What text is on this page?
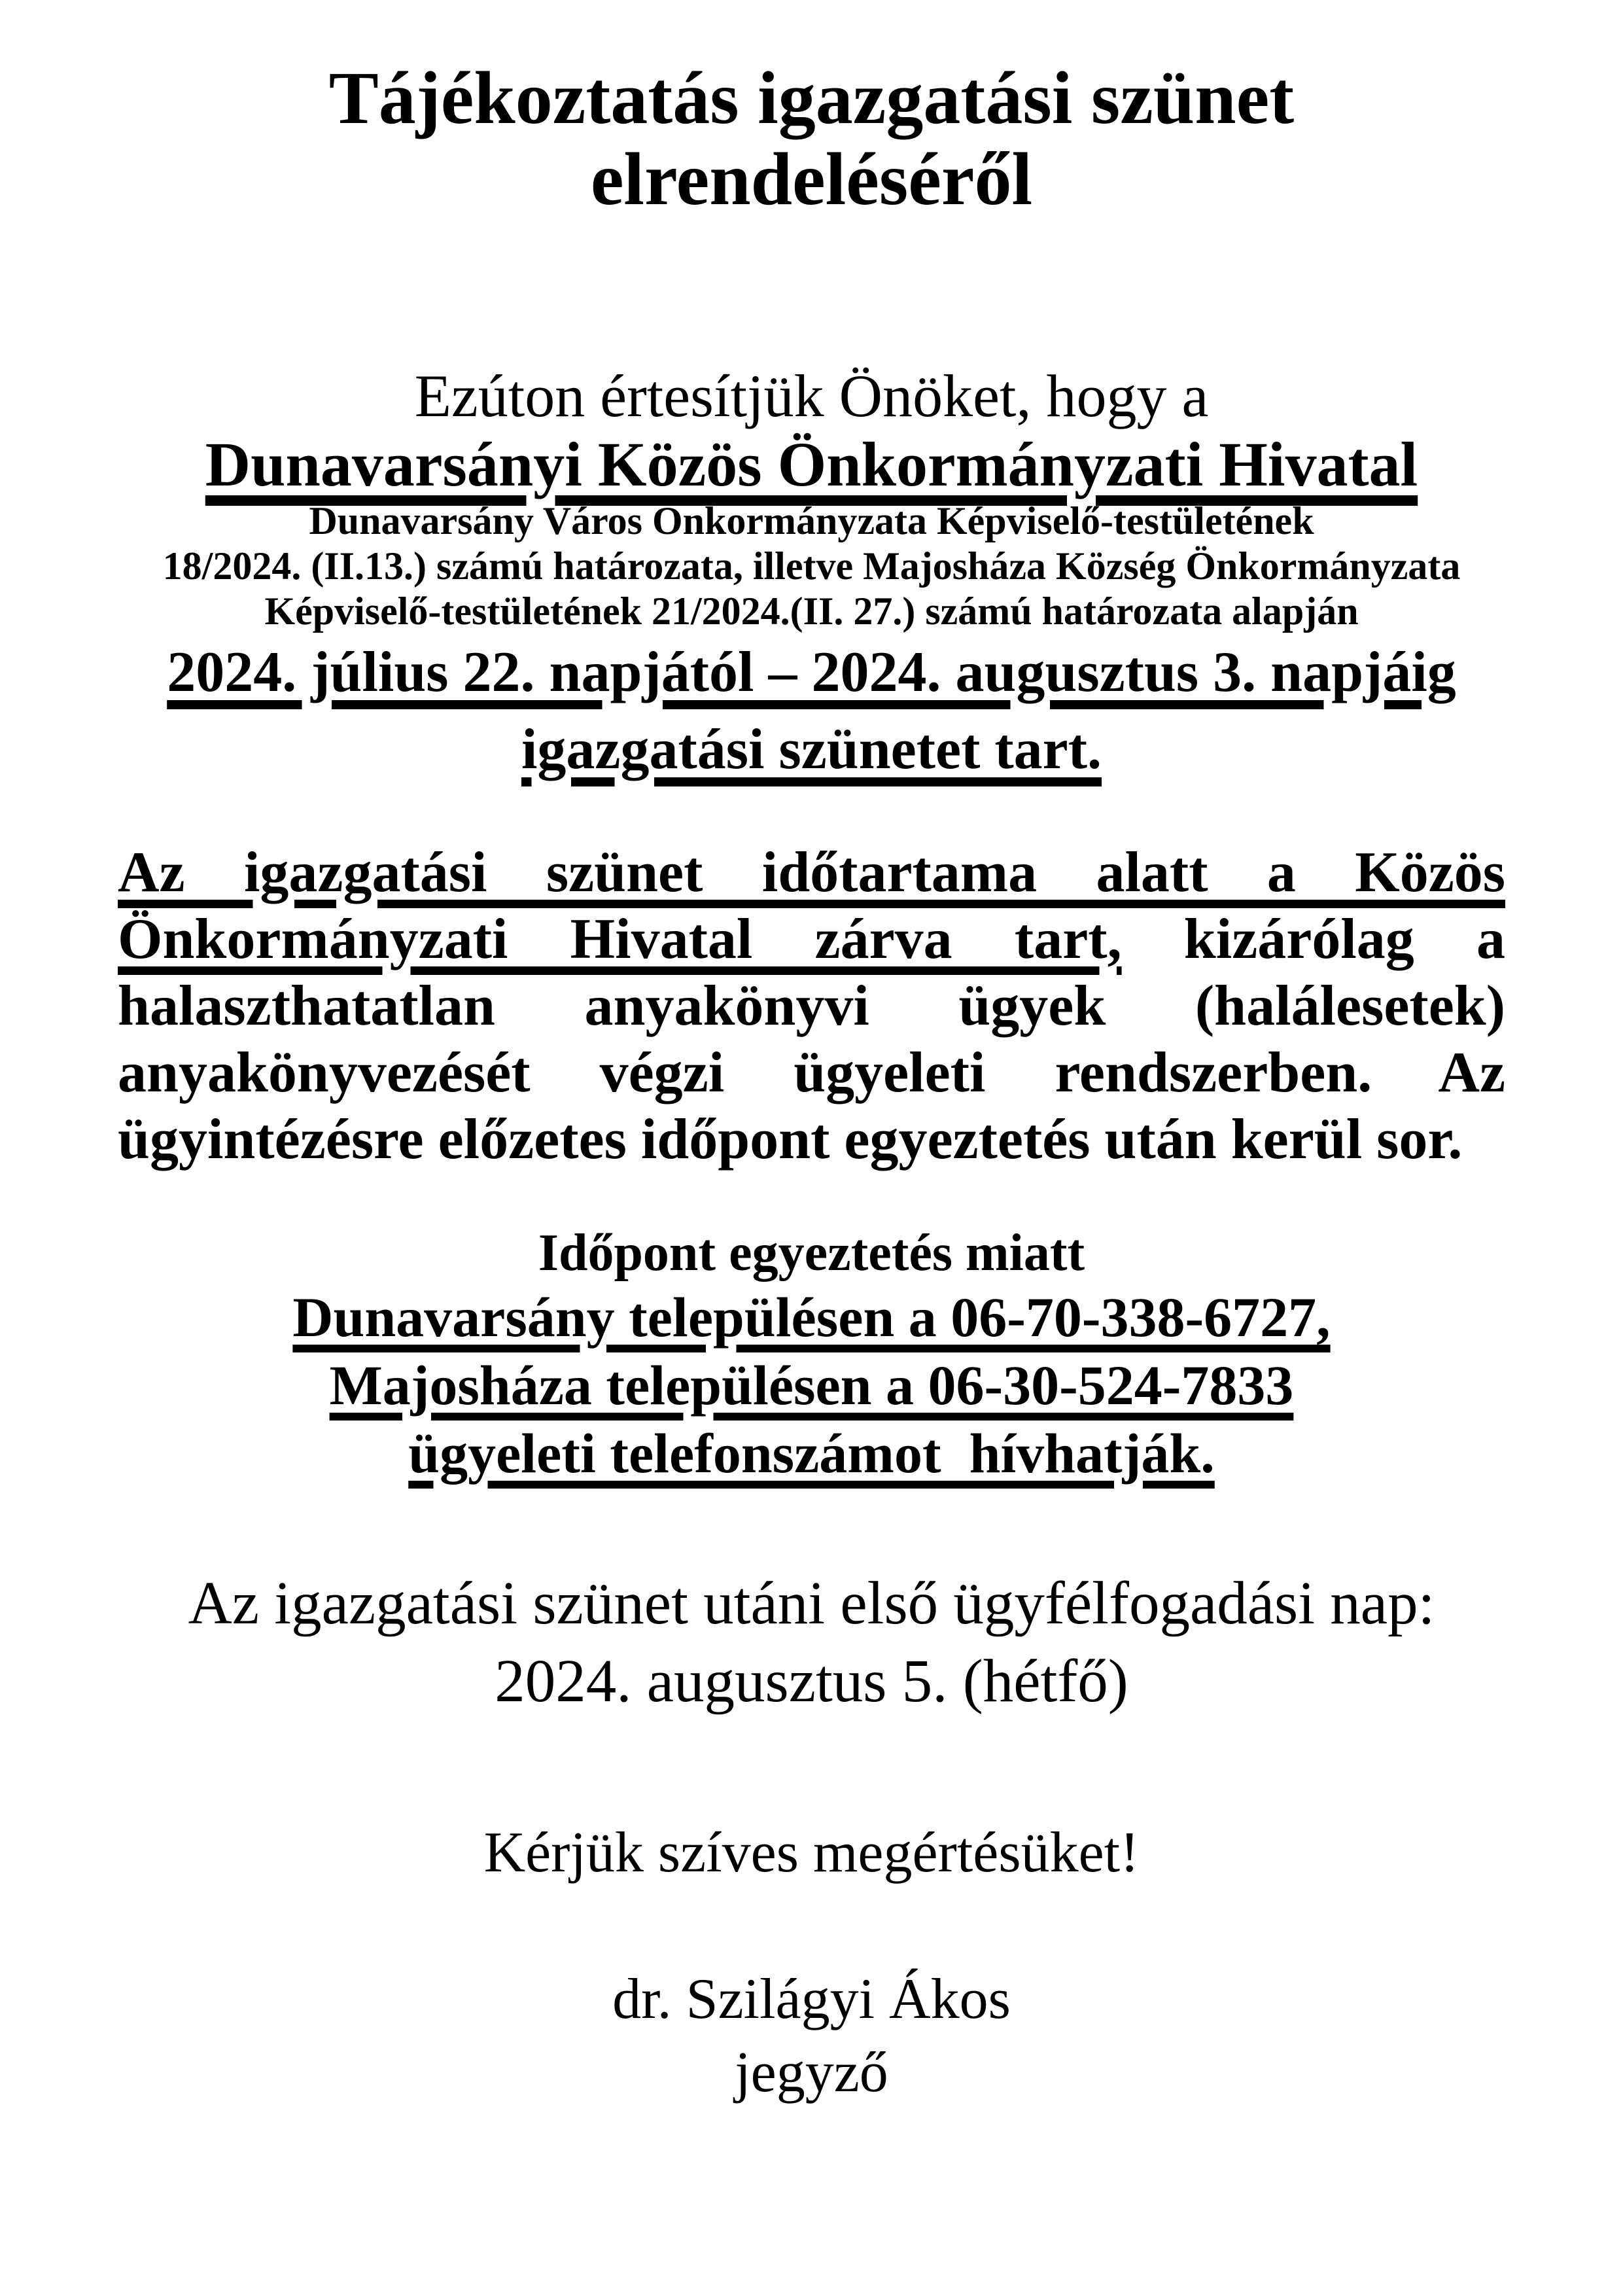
Tájékoztatás igazgatási szünet elrendeléséről

Ezúton értesítjük Önöket, hogy a

Dunavarsányi Közös Önkormányzati Hivatal

Dunavarsány Város Önkormányzata Képviselő-testületének

18/2024. (II.13.) számú határozata, illetve Majosháza Község Önkormányzata

Képviselő-testületének 21/2024.(II. 27.) számú határozata alapján

2024. július 22. napjától – 2024. augusztus 3. napjáig

igazgatási szünetet tart.

Az igazgatási szünet időtartama alatt a Közös Önkormányzati Hivatal zárva tart, kizárólag a halaszthatatlan anyakönyvi ügyek (halálesetek) anyakönyvezését végzi ügyeleti rendszerben. Az ügyintézésre előzetes időpont egyeztetés után kerül sor.

Időpont egyeztetés miatt

Dunavarsány településen a 06-70-338-6727,

Majosháza településen a 06-30-524-7833

ügyeleti telefonszámot  hívhatják.

Az igazgatási szünet utáni első ügyfélfogadási nap:

2024. augusztus 5. (hétfő)

Kérjük szíves megértésüket!

dr. Szilágyi Ákos

jegyző
